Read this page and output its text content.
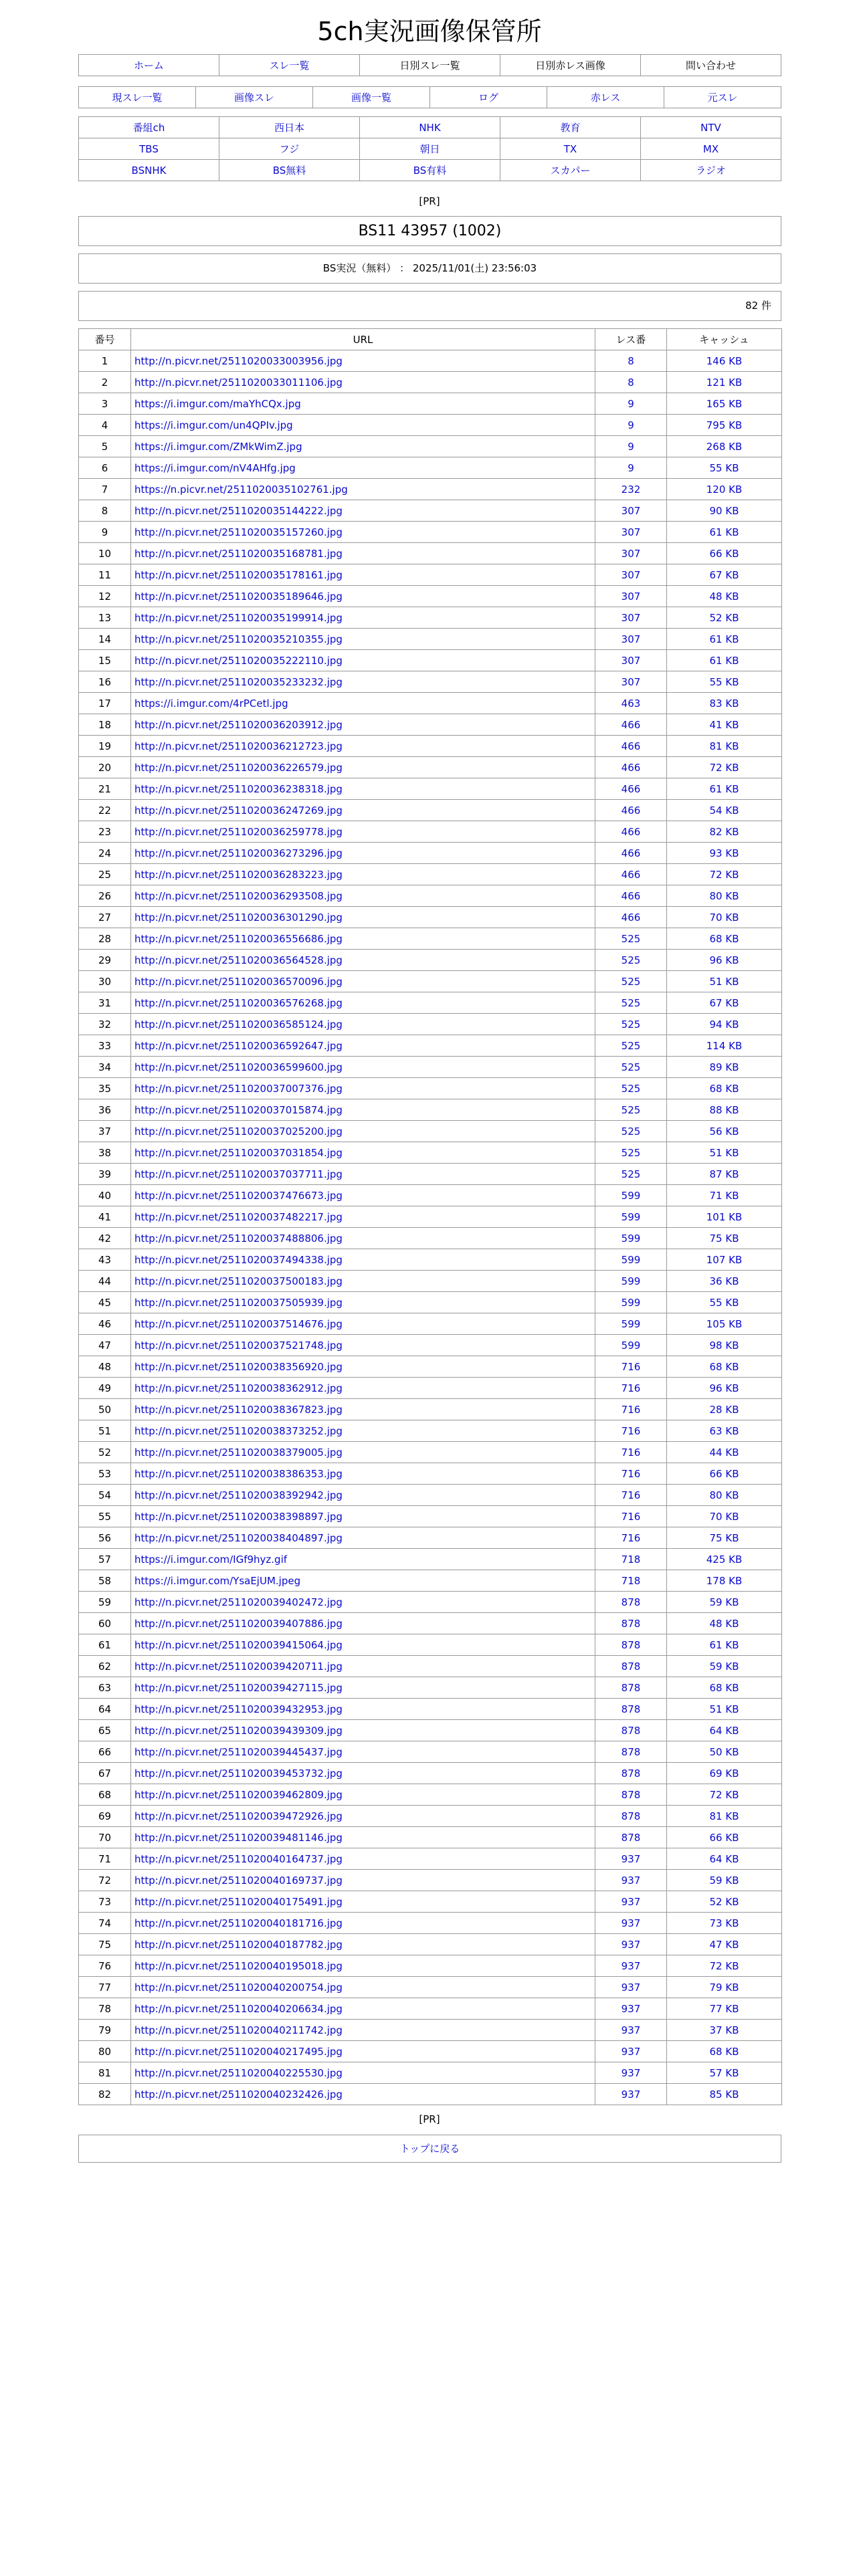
5ch実況画像保管所
ホーム	スレ一覧	日別スレ一覧	日別赤レス画像	問い合わせ
現スレ一覧	画像スレ	画像一覧	ログ	赤レス	元スレ
番組ch	西日本	NHK	教育	NTV
TBS	フジ	朝日	TX	MX
BSNHK	BS無料	BS有料	スカパー	ラジオ
[PR]
BS11 43957 (1002)
BS実況（無料） ： 2025/11/01(土) 23:56:03
82 件
番号	URL	レス番	キャッシュ
1	http://n.picvr.net/2511020033003956.jpg	8	146 KB
2	http://n.picvr.net/2511020033011106.jpg	8	121 KB
3	https://i.imgur.com/maYhCQx.jpg	9	165 KB
4	https://i.imgur.com/un4QPIv.jpg	9	795 KB
5	https://i.imgur.com/ZMkWimZ.jpg	9	268 KB
6	https://i.imgur.com/nV4AHfg.jpg	9	55 KB
7	https://n.picvr.net/2511020035102761.jpg	232	120 KB
8	http://n.picvr.net/2511020035144222.jpg	307	90 KB
9	http://n.picvr.net/2511020035157260.jpg	307	61 KB
10	http://n.picvr.net/2511020035168781.jpg	307	66 KB
11	http://n.picvr.net/2511020035178161.jpg	307	67 KB
12	http://n.picvr.net/2511020035189646.jpg	307	48 KB
13	http://n.picvr.net/2511020035199914.jpg	307	52 KB
14	http://n.picvr.net/2511020035210355.jpg	307	61 KB
15	http://n.picvr.net/2511020035222110.jpg	307	61 KB
16	http://n.picvr.net/2511020035233232.jpg	307	55 KB
17	https://i.imgur.com/4rPCetl.jpg	463	83 KB
18	http://n.picvr.net/2511020036203912.jpg	466	41 KB
19	http://n.picvr.net/2511020036212723.jpg	466	81 KB
20	http://n.picvr.net/2511020036226579.jpg	466	72 KB
21	http://n.picvr.net/2511020036238318.jpg	466	61 KB
22	http://n.picvr.net/2511020036247269.jpg	466	54 KB
23	http://n.picvr.net/2511020036259778.jpg	466	82 KB
24	http://n.picvr.net/2511020036273296.jpg	466	93 KB
25	http://n.picvr.net/2511020036283223.jpg	466	72 KB
26	http://n.picvr.net/2511020036293508.jpg	466	80 KB
27	http://n.picvr.net/2511020036301290.jpg	466	70 KB
28	http://n.picvr.net/2511020036556686.jpg	525	68 KB
29	http://n.picvr.net/2511020036564528.jpg	525	96 KB
30	http://n.picvr.net/2511020036570096.jpg	525	51 KB
31	http://n.picvr.net/2511020036576268.jpg	525	67 KB
32	http://n.picvr.net/2511020036585124.jpg	525	94 KB
33	http://n.picvr.net/2511020036592647.jpg	525	114 KB
34	http://n.picvr.net/2511020036599600.jpg	525	89 KB
35	http://n.picvr.net/2511020037007376.jpg	525	68 KB
36	http://n.picvr.net/2511020037015874.jpg	525	88 KB
37	http://n.picvr.net/2511020037025200.jpg	525	56 KB
38	http://n.picvr.net/2511020037031854.jpg	525	51 KB
39	http://n.picvr.net/2511020037037711.jpg	525	87 KB
40	http://n.picvr.net/2511020037476673.jpg	599	71 KB
41	http://n.picvr.net/2511020037482217.jpg	599	101 KB
42	http://n.picvr.net/2511020037488806.jpg	599	75 KB
43	http://n.picvr.net/2511020037494338.jpg	599	107 KB
44	http://n.picvr.net/2511020037500183.jpg	599	36 KB
45	http://n.picvr.net/2511020037505939.jpg	599	55 KB
46	http://n.picvr.net/2511020037514676.jpg	599	105 KB
47	http://n.picvr.net/2511020037521748.jpg	599	98 KB
48	http://n.picvr.net/2511020038356920.jpg	716	68 KB
49	http://n.picvr.net/2511020038362912.jpg	716	96 KB
50	http://n.picvr.net/2511020038367823.jpg	716	28 KB
51	http://n.picvr.net/2511020038373252.jpg	716	63 KB
52	http://n.picvr.net/2511020038379005.jpg	716	44 KB
53	http://n.picvr.net/2511020038386353.jpg	716	66 KB
54	http://n.picvr.net/2511020038392942.jpg	716	80 KB
55	http://n.picvr.net/2511020038398897.jpg	716	70 KB
56	http://n.picvr.net/2511020038404897.jpg	716	75 KB
57	https://i.imgur.com/IGf9hyz.gif	718	425 KB
58	https://i.imgur.com/YsaEjUM.jpeg	718	178 KB
59	http://n.picvr.net/2511020039402472.jpg	878	59 KB
60	http://n.picvr.net/2511020039407886.jpg	878	48 KB
61	http://n.picvr.net/2511020039415064.jpg	878	61 KB
62	http://n.picvr.net/2511020039420711.jpg	878	59 KB
63	http://n.picvr.net/2511020039427115.jpg	878	68 KB
64	http://n.picvr.net/2511020039432953.jpg	878	51 KB
65	http://n.picvr.net/2511020039439309.jpg	878	64 KB
66	http://n.picvr.net/2511020039445437.jpg	878	50 KB
67	http://n.picvr.net/2511020039453732.jpg	878	69 KB
68	http://n.picvr.net/2511020039462809.jpg	878	72 KB
69	http://n.picvr.net/2511020039472926.jpg	878	81 KB
70	http://n.picvr.net/2511020039481146.jpg	878	66 KB
71	http://n.picvr.net/2511020040164737.jpg	937	64 KB
72	http://n.picvr.net/2511020040169737.jpg	937	59 KB
73	http://n.picvr.net/2511020040175491.jpg	937	52 KB
74	http://n.picvr.net/2511020040181716.jpg	937	73 KB
75	http://n.picvr.net/2511020040187782.jpg	937	47 KB
76	http://n.picvr.net/2511020040195018.jpg	937	72 KB
77	http://n.picvr.net/2511020040200754.jpg	937	79 KB
78	http://n.picvr.net/2511020040206634.jpg	937	77 KB
79	http://n.picvr.net/2511020040211742.jpg	937	37 KB
80	http://n.picvr.net/2511020040217495.jpg	937	68 KB
81	http://n.picvr.net/2511020040225530.jpg	937	57 KB
82	http://n.picvr.net/2511020040232426.jpg	937	85 KB
[PR]
トップに戻る
